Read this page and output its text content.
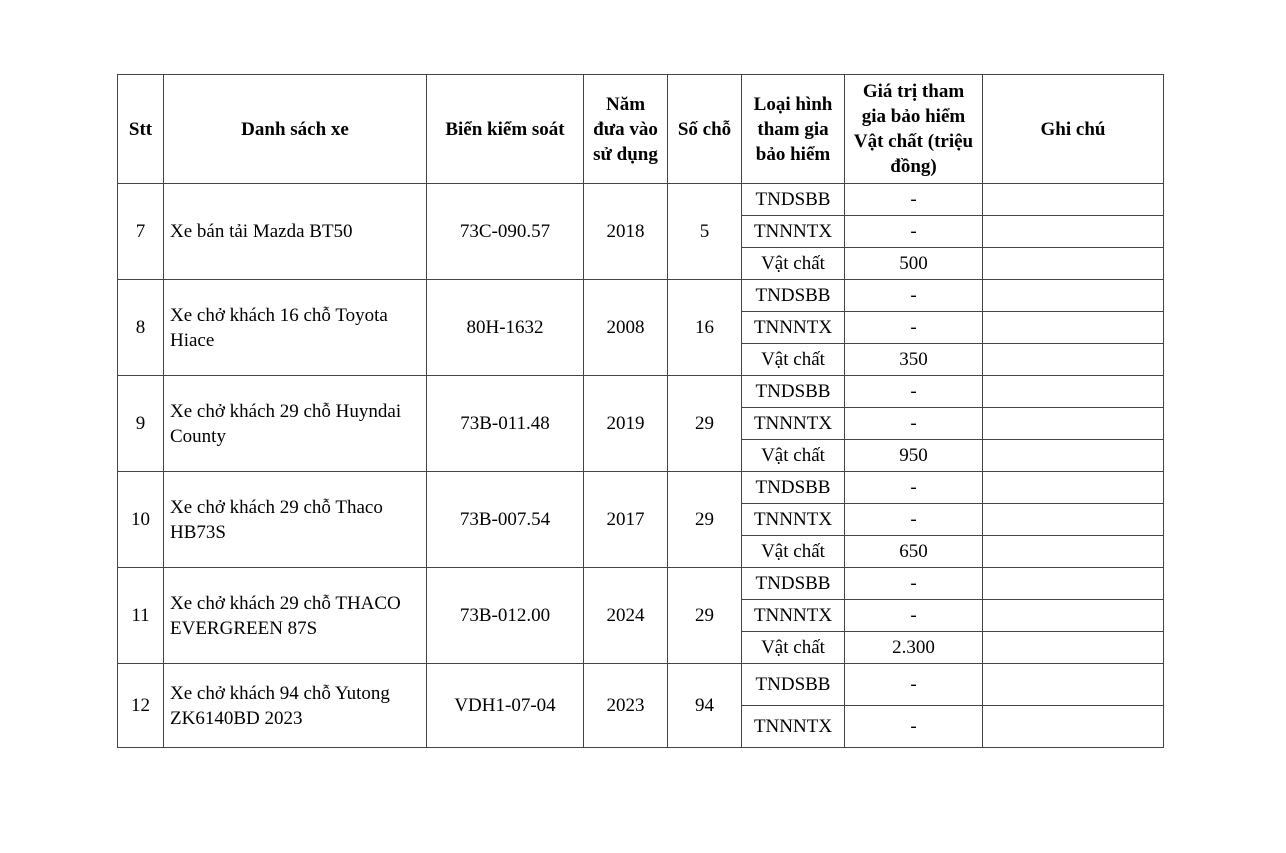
Stt	Danh sách xe	Biển kiểm soát	Năm đưa vào sử dụng	Số chỗ	Loại hình tham gia bảo hiểm	Giá trị tham gia bảo hiểm Vật chất (triệu đồng)	Ghi chú
7	Xe bán tải Mazda BT50	73C-090.57	2018	5	TNDSBB	-	
					TNNNTX	-	
					Vật chất	500	
8	Xe chở khách 16 chỗ Toyota Hiace	80H-1632	2008	16	TNDSBB	-	
					TNNNTX	-	
					Vật chất	350	
9	Xe chở khách 29 chỗ Huyndai County	73B-011.48	2019	29	TNDSBB	-	
					TNNNTX	-	
					Vật chất	950	
10	Xe chở khách 29 chỗ Thaco HB73S	73B-007.54	2017	29	TNDSBB	-	
					TNNNTX	-	
					Vật chất	650	
11	Xe chở khách 29 chỗ THACO EVERGREEN 87S	73B-012.00	2024	29	TNDSBB	-	
					TNNNTX	-	
					Vật chất	2.300	
12	Xe chở khách 94 chỗ Yutong ZK6140BD 2023	VDH1-07-04	2023	94	TNDSBB	-	
					TNNNTX	-	
